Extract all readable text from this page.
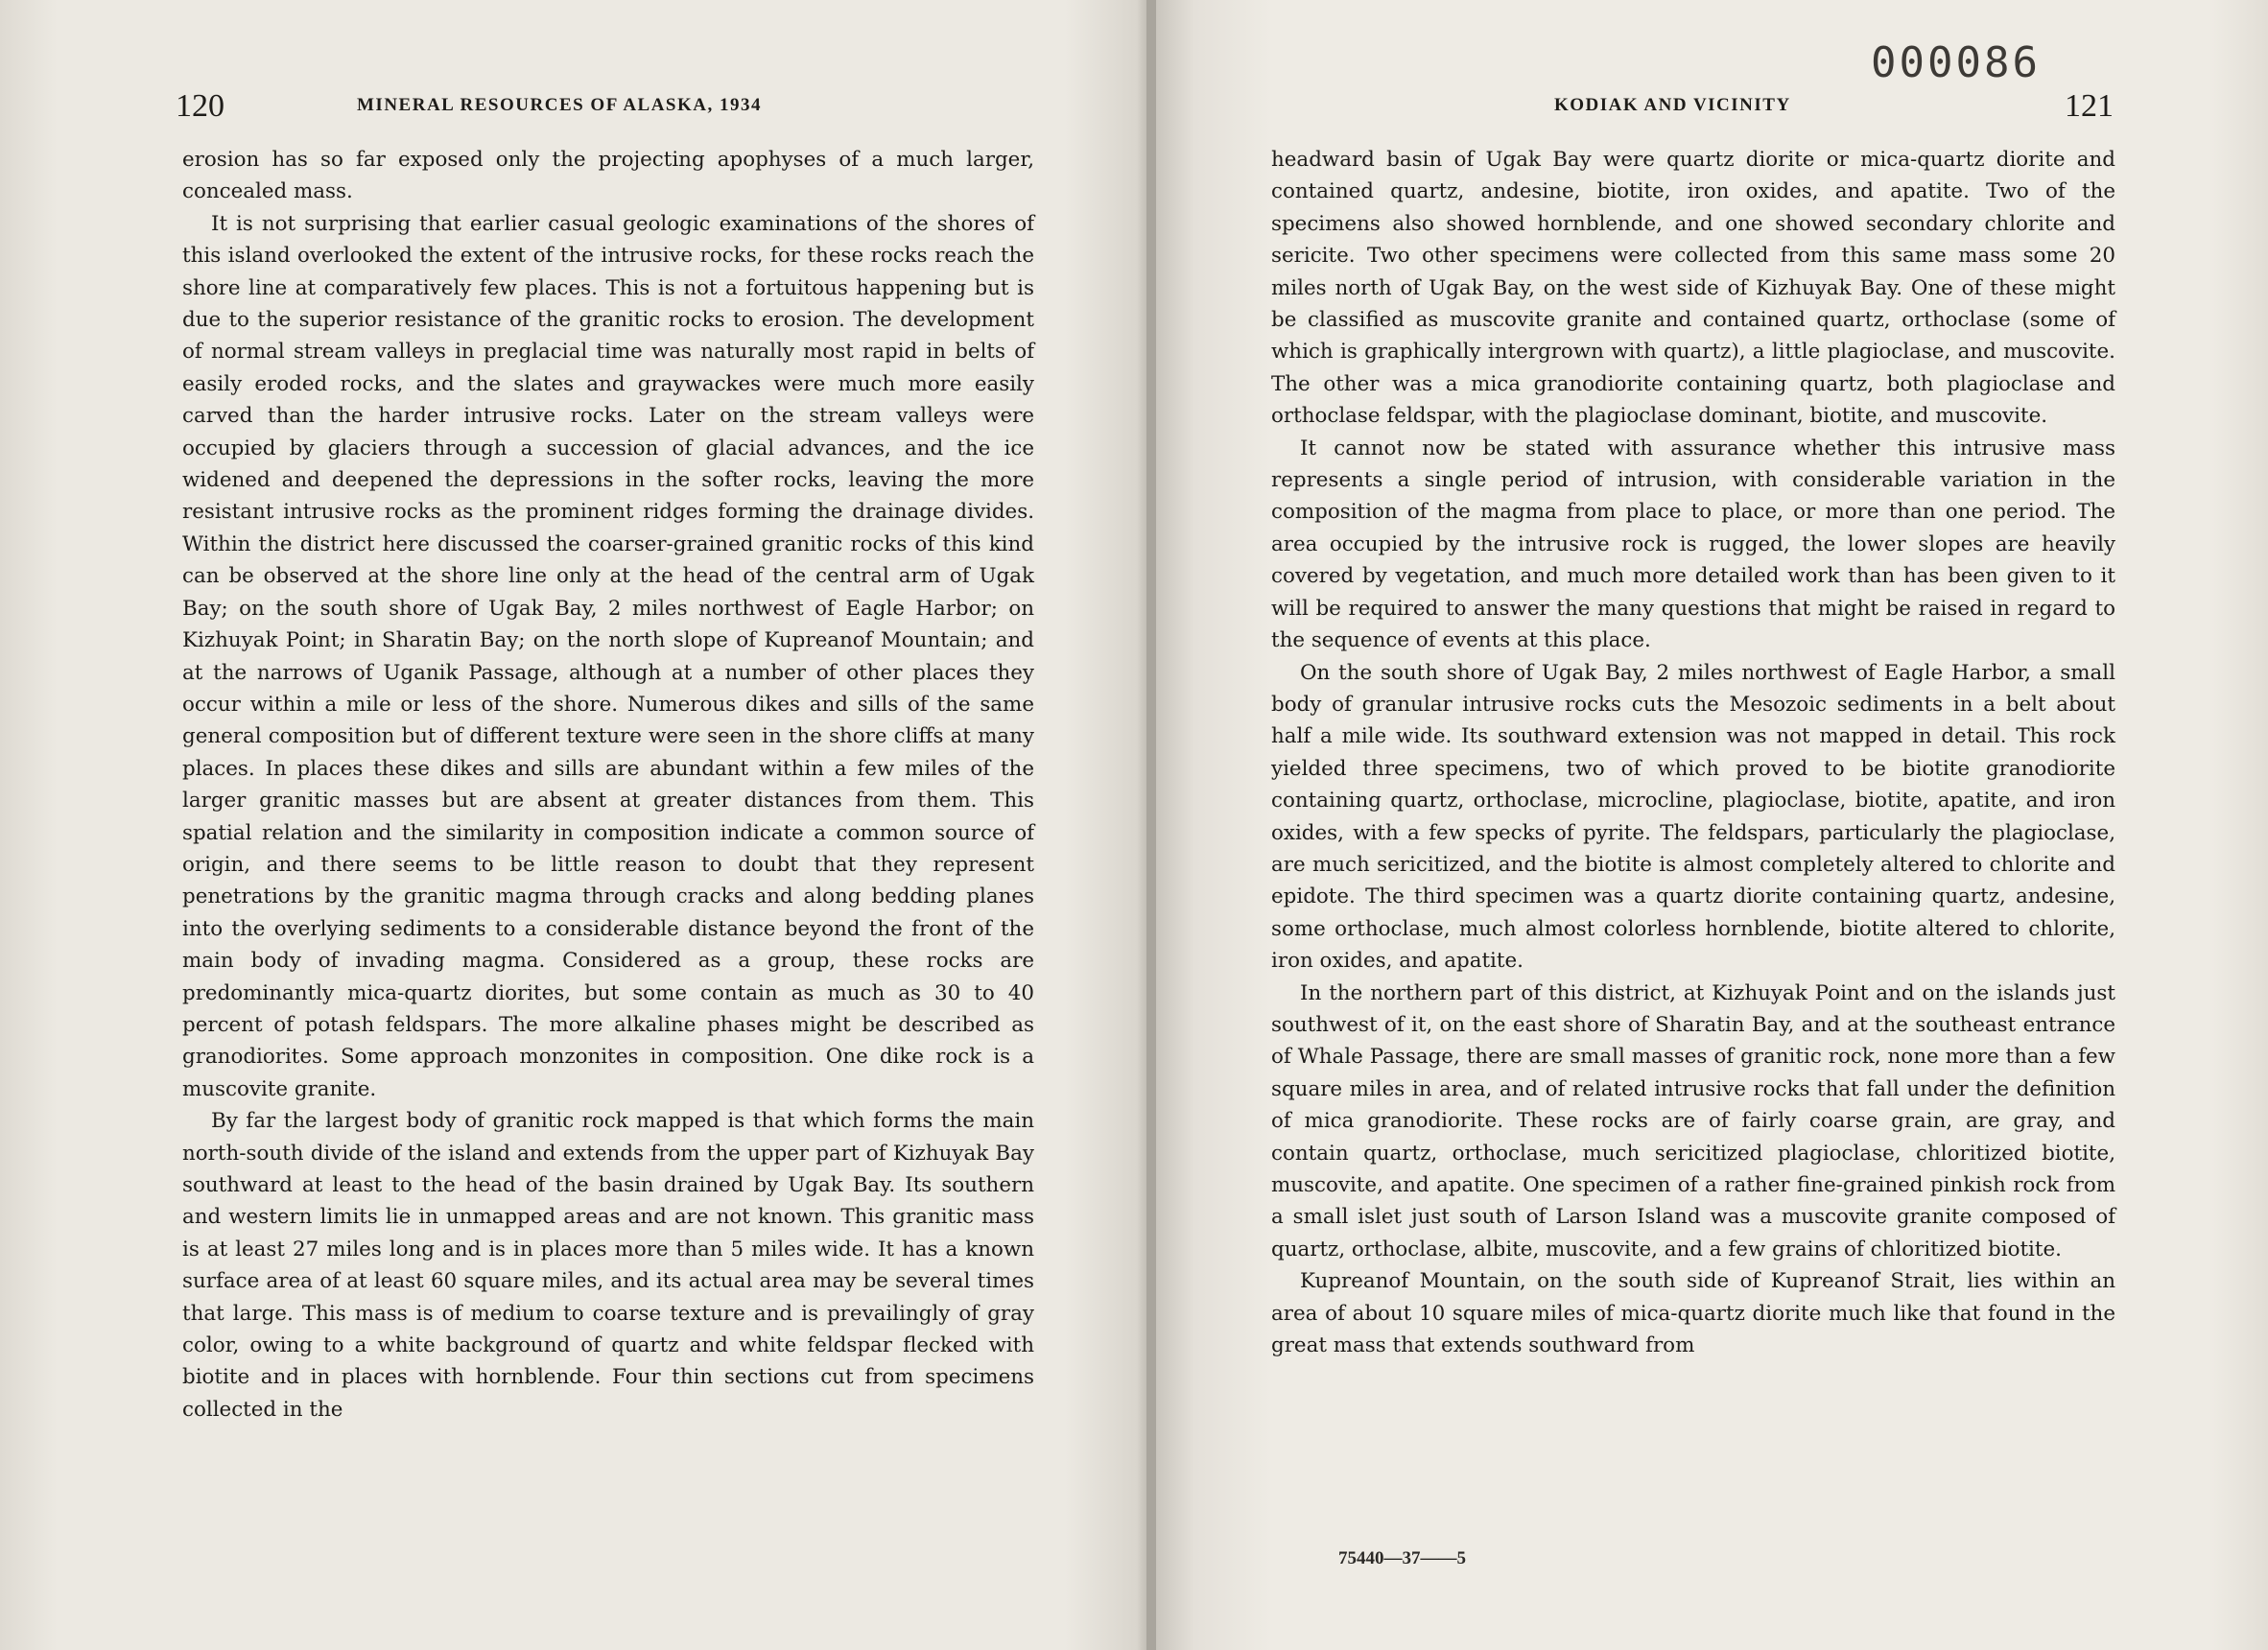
120	MINERAL RESOURCES OF ALASKA, 1934

erosion has so far exposed only the projecting apophyses of a much larger, concealed mass.

It is not surprising that earlier casual geologic examinations of the shores of this island overlooked the extent of the intrusive rocks, for these rocks reach the shore line at comparatively few places. This is not a fortuitous happening but is due to the superior resistance of the granitic rocks to erosion. The development of normal stream valleys in preglacial time was naturally most rapid in belts of easily eroded rocks, and the slates and graywackes were much more easily carved than the harder intrusive rocks. Later on the stream valleys were occupied by glaciers through a succession of glacial advances, and the ice widened and deepened the depressions in the softer rocks, leaving the more resistant intrusive rocks as the prominent ridges forming the drainage divides. Within the district here discussed the coarser-grained granitic rocks of this kind can be observed at the shore line only at the head of the central arm of Ugak Bay; on the south shore of Ugak Bay, 2 miles northwest of Eagle Harbor; on Kizhuyak Point; in Sharatin Bay; on the north slope of Kupreanof Mountain; and at the narrows of Uganik Passage, although at a number of other places they occur within a mile or less of the shore. Numerous dikes and sills of the same general composition but of different texture were seen in the shore cliffs at many places. In places these dikes and sills are abundant within a few miles of the larger granitic masses but are absent at greater distances from them. This spatial relation and the similarity in composition indicate a common source of origin, and there seems to be little reason to doubt that they represent penetrations by the granitic magma through cracks and along bedding planes into the overlying sediments to a considerable distance beyond the front of the main body of invading magma. Considered as a group, these rocks are predominantly mica-quartz diorites, but some contain as much as 30 to 40 percent of potash feldspars. The more alkaline phases might be described as granodiorites. Some approach monzonites in composition. One dike rock is a muscovite granite.

By far the largest body of granitic rock mapped is that which forms the main north-south divide of the island and extends from the upper part of Kizhuyak Bay southward at least to the head of the basin drained by Ugak Bay. Its southern and western limits lie in unmapped areas and are not known. This granitic mass is at least 27 miles long and is in places more than 5 miles wide. It has a known surface area of at least 60 square miles, and its actual area may be several times that large. This mass is of medium to coarse texture and is prevailingly of gray color, owing to a white background of quartz and white feldspar flecked with biotite and in places with hornblende. Four thin sections cut from specimens collected in the

000086
KODIAK AND VICINITY	121

headward basin of Ugak Bay were quartz diorite or mica-quartz diorite and contained quartz, andesine, biotite, iron oxides, and apatite. Two of the specimens also showed hornblende, and one showed secondary chlorite and sericite. Two other specimens were collected from this same mass some 20 miles north of Ugak Bay, on the west side of Kizhuyak Bay. One of these might be classified as muscovite granite and contained quartz, orthoclase (some of which is graphically intergrown with quartz), a little plagioclase, and muscovite. The other was a mica granodiorite containing quartz, both plagioclase and orthoclase feldspar, with the plagioclase dominant, biotite, and muscovite.

It cannot now be stated with assurance whether this intrusive mass represents a single period of intrusion, with considerable variation in the composition of the magma from place to place, or more than one period. The area occupied by the intrusive rock is rugged, the lower slopes are heavily covered by vegetation, and much more detailed work than has been given to it will be required to answer the many questions that might be raised in regard to the sequence of events at this place.

On the south shore of Ugak Bay, 2 miles northwest of Eagle Harbor, a small body of granular intrusive rocks cuts the Mesozoic sediments in a belt about half a mile wide. Its southward extension was not mapped in detail. This rock yielded three specimens, two of which proved to be biotite granodiorite containing quartz, orthoclase, microcline, plagioclase, biotite, apatite, and iron oxides, with a few specks of pyrite. The feldspars, particularly the plagioclase, are much sericitized, and the biotite is almost completely altered to chlorite and epidote. The third specimen was a quartz diorite containing quartz, andesine, some orthoclase, much almost colorless hornblende, biotite altered to chlorite, iron oxides, and apatite.

In the northern part of this district, at Kizhuyak Point and on the islands just southwest of it, on the east shore of Sharatin Bay, and at the southeast entrance of Whale Passage, there are small masses of granitic rock, none more than a few square miles in area, and of related intrusive rocks that fall under the definition of mica granodiorite. These rocks are of fairly coarse grain, are gray, and contain quartz, orthoclase, much sericitized plagioclase, chloritized biotite, muscovite, and apatite. One specimen of a rather fine-grained pinkish rock from a small islet just south of Larson Island was a muscovite granite composed of quartz, orthoclase, albite, muscovite, and a few grains of chloritized biotite.

Kupreanof Mountain, on the south side of Kupreanof Strait, lies within an area of about 10 square miles of mica-quartz diorite much like that found in the great mass that extends southward from

75440—37——5
